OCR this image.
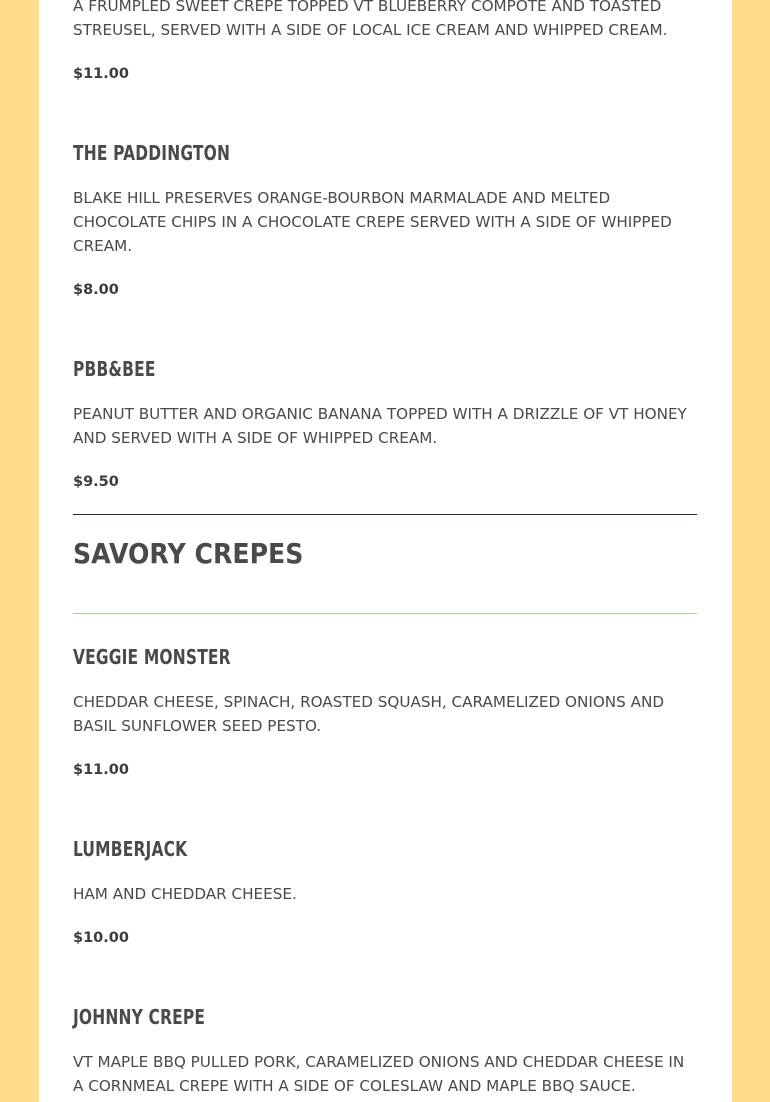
A FRUMPLED SWEET CREPE TOPPED VT BLUEBERRY COMPOTE AND TOASTED STREUSEL, SERVED WITH A SIDE OF LOCAL ICE CREAM AND WHIPPED CREAM.

$11.00

THE PADDINGTON

BLAKE HILL PRESERVES ORANGE-BOURBON MARMALADE AND MELTED CHOCOLATE CHIPS IN A CHOCOLATE CREPE SERVED WITH A SIDE OF WHIPPED CREAM.

$8.00

PBB&BEE

PEANUT BUTTER AND ORGANIC BANANA TOPPED WITH A DRIZZLE OF VT HONEY AND SERVED WITH A SIDE OF WHIPPED CREAM.

$9.50

SAVORY CREPES
VEGGIE MONSTER

CHEDDAR CHEESE, SPINACH, ROASTED SQUASH, CARAMELIZED ONIONS AND BASIL SUNFLOWER SEED PESTO.

$11.00

LUMBERJACK

HAM AND CHEDDAR CHEESE.

$10.00

JOHNNY CREPE

VT MAPLE BBQ PULLED PORK, CARAMELIZED ONIONS AND CHEDDAR CHEESE IN A CORNMEAL CREPE WITH A SIDE OF COLESLAW AND MAPLE BBQ SAUCE.
